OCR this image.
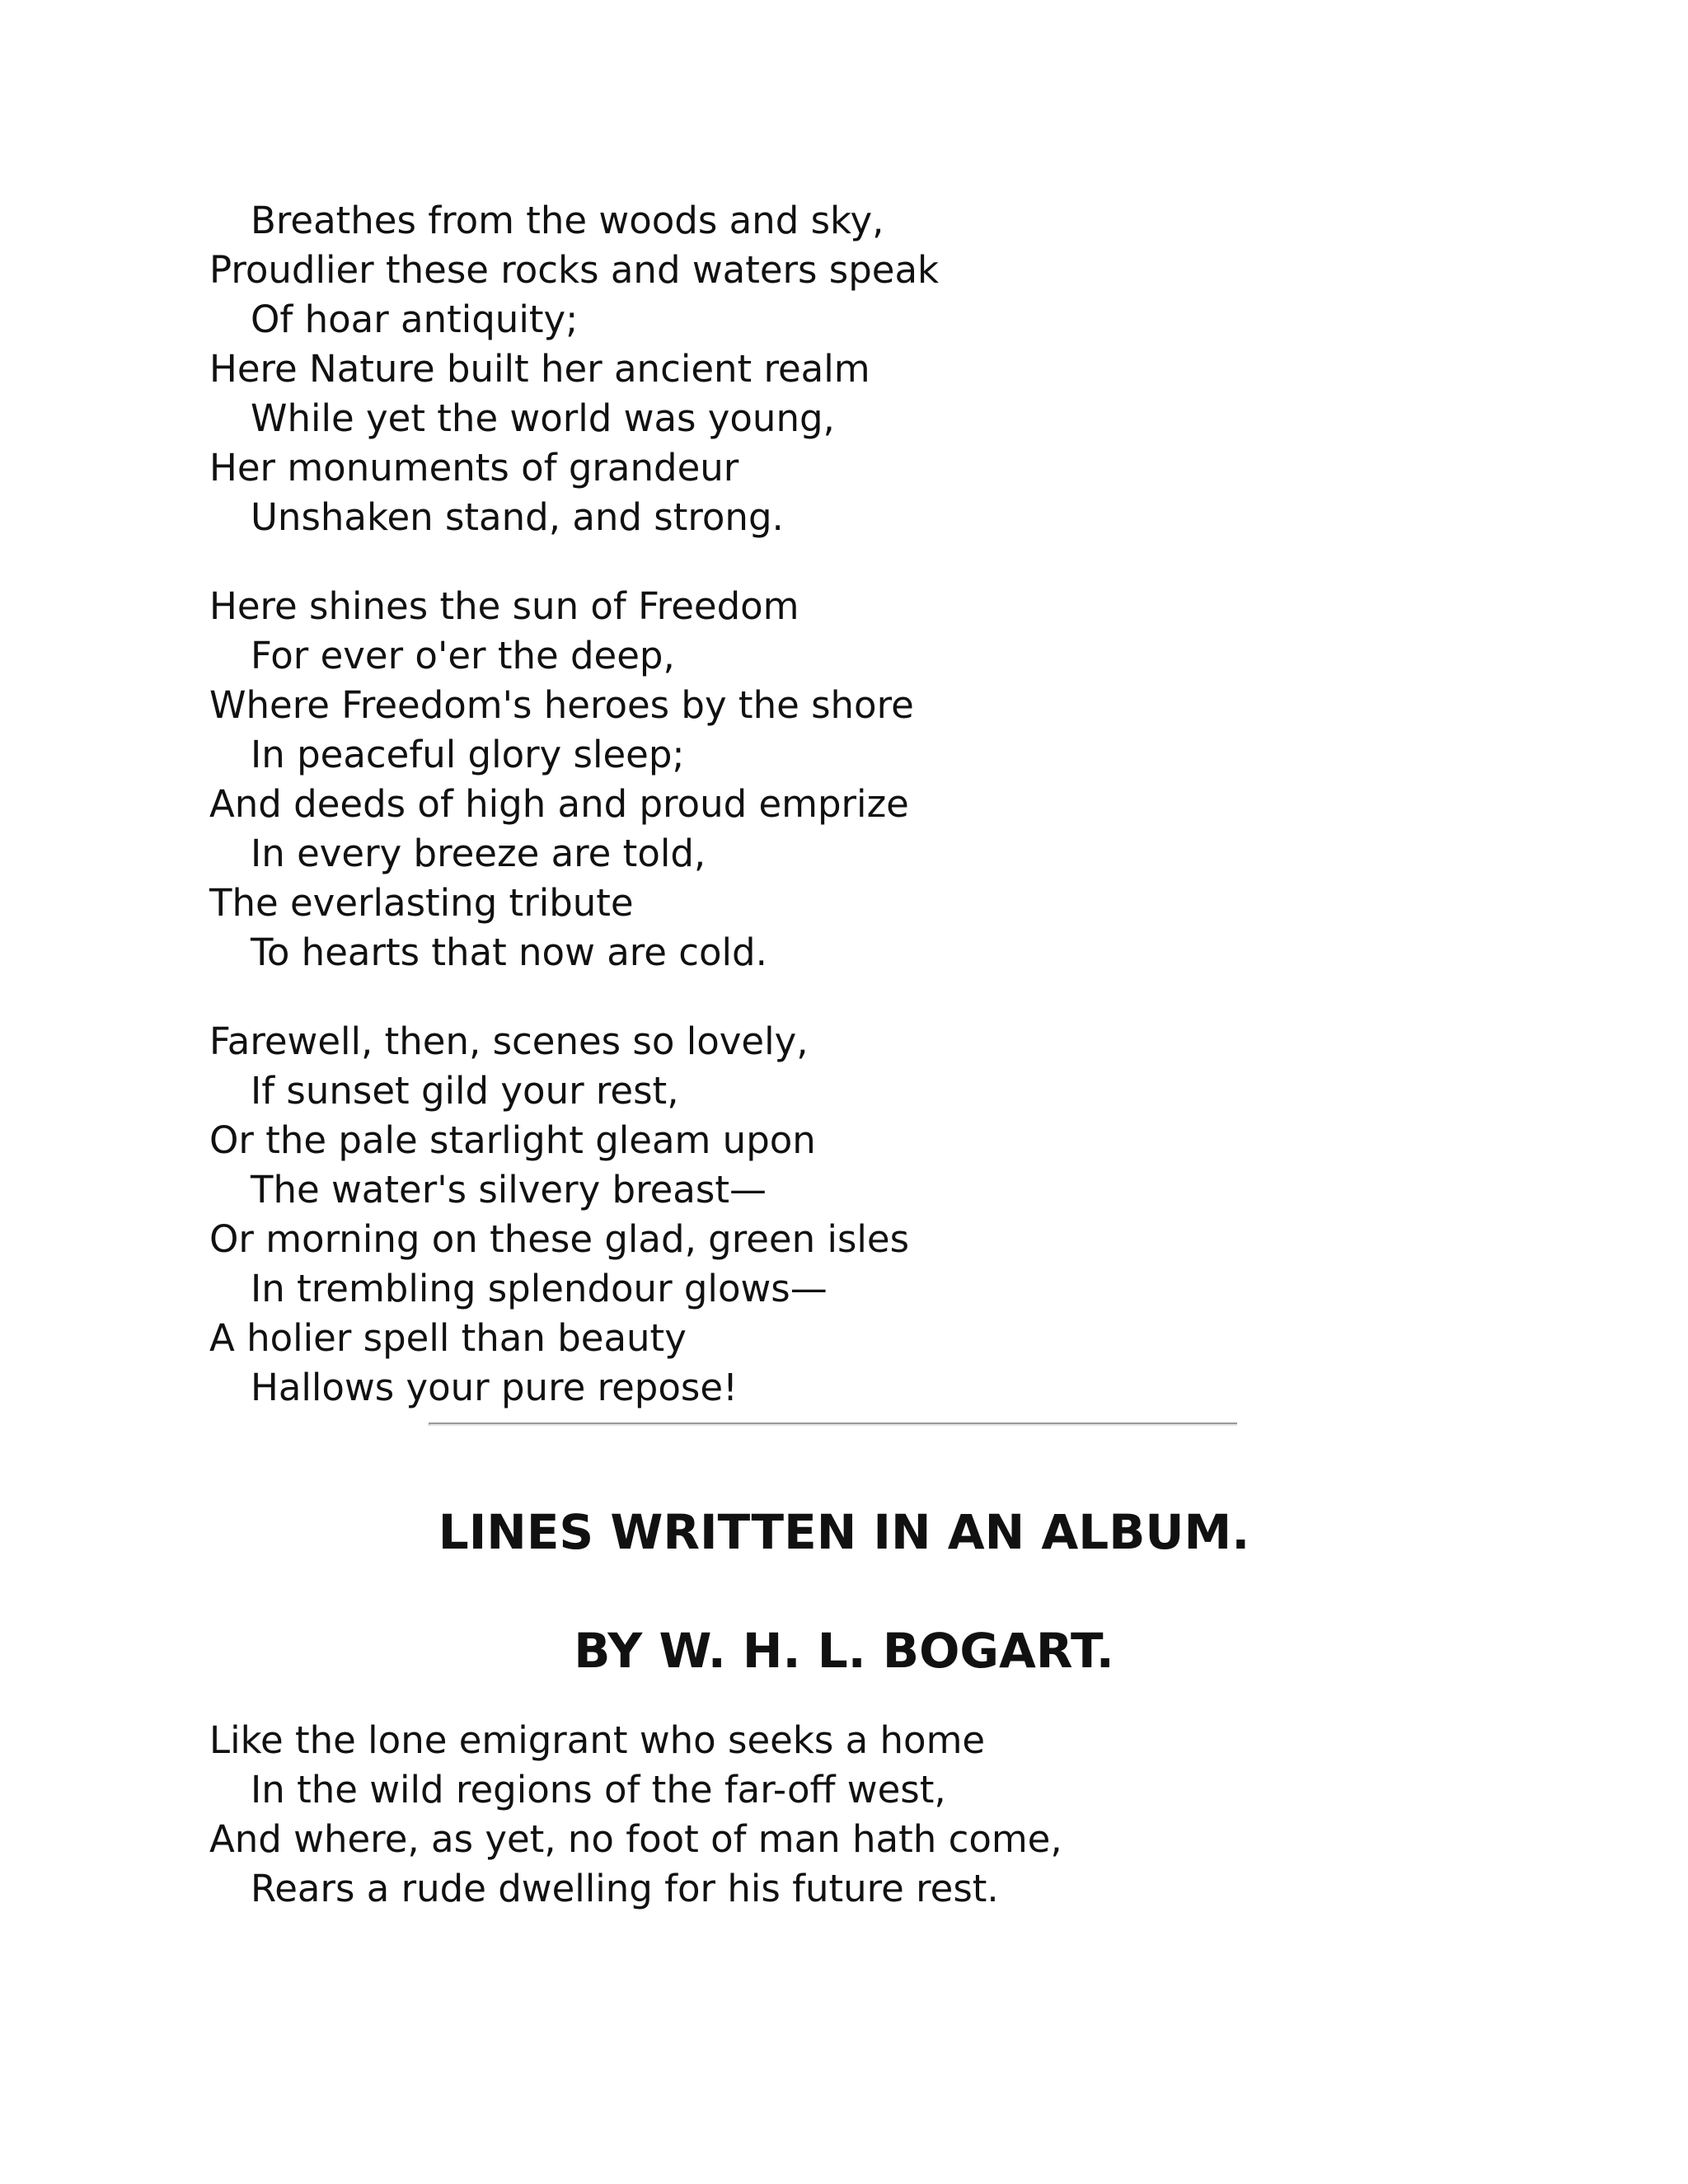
Breathes from the woods and sky,
Proudlier these rocks and waters speak
Of hoar antiquity;
Here Nature built her ancient realm
While yet the world was young,
Her monuments of grandeur
Unshaken stand, and strong.
Here shines the sun of Freedom
For ever o'er the deep,
Where Freedom's heroes by the shore
In peaceful glory sleep;
And deeds of high and proud emprize
In every breeze are told,
The everlasting tribute
To hearts that now are cold.
Farewell, then, scenes so lovely,
If sunset gild your rest,
Or the pale starlight gleam upon
The water's silvery breast—
Or morning on these glad, green isles
In trembling splendour glows—
A holier spell than beauty
Hallows your pure repose!
LINES WRITTEN IN AN ALBUM.
BY W. H. L. BOGART.
Like the lone emigrant who seeks a home
In the wild regions of the far-off west,
And where, as yet, no foot of man hath come,
Rears a rude dwelling for his future rest.
